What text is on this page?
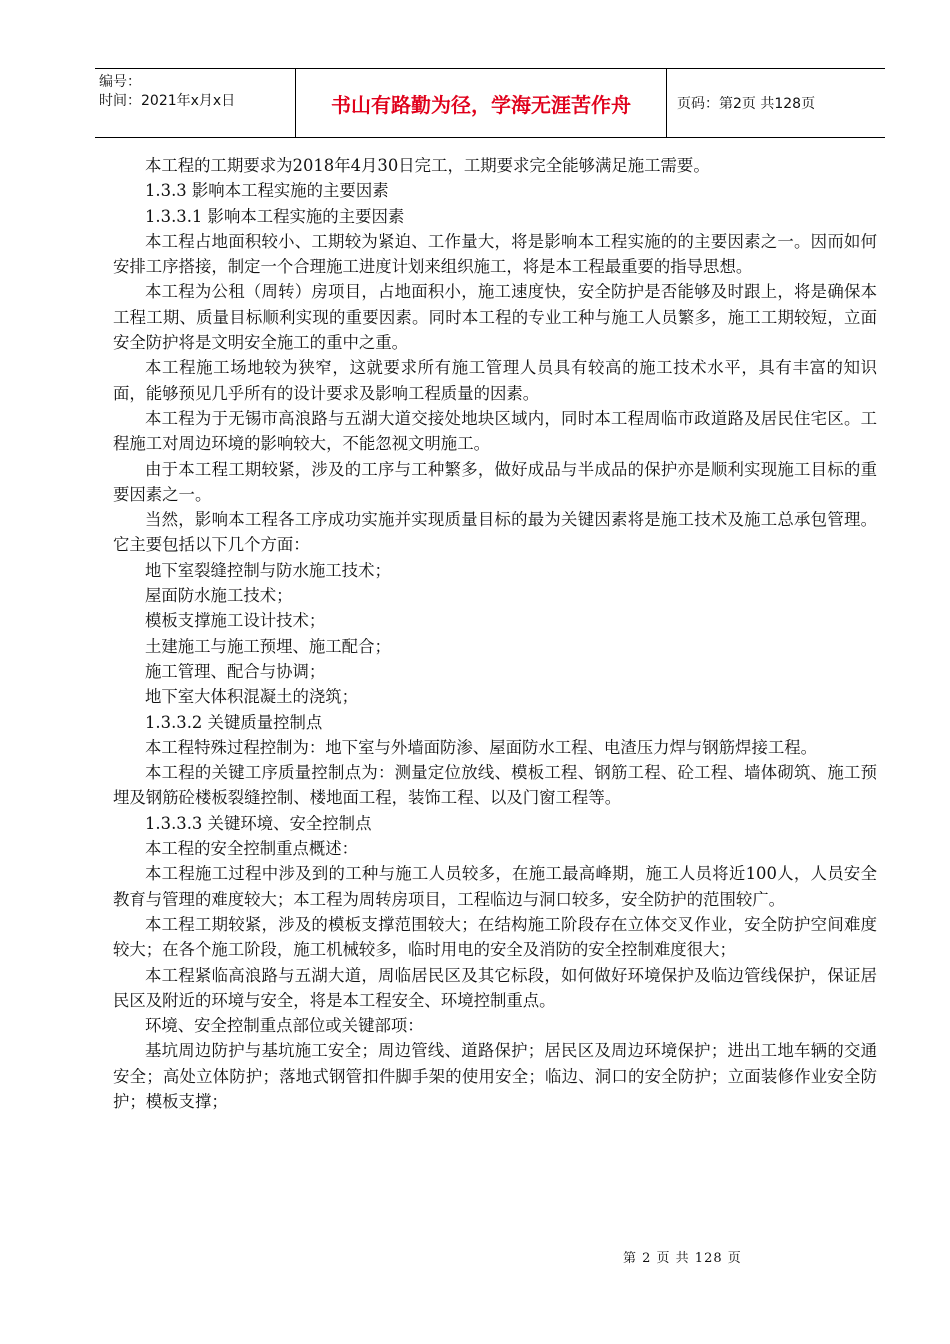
编号：
时间：2021年x月x日	书山有路勤为径，学海无涯苦作舟	页码：第2页 共128页

本工程的工期要求为2018年4月30日完工，工期要求完全能够满足施工需要。

1.3.3 影响本工程实施的主要因素

1.3.3.1 影响本工程实施的主要因素

本工程占地面积较小、工期较为紧迫、工作量大，将是影响本工程实施的的主要因素之一。因而如何安排工序搭接，制定一个合理施工进度计划来组织施工，将是本工程最重要的指导思想。

本工程为公租（周转）房项目，占地面积小，施工速度快，安全防护是否能够及时跟上，将是确保本工程工期、质量目标顺利实现的重要因素。同时本工程的专业工种与施工人员繁多，施工工期较短，立面安全防护将是文明安全施工的重中之重。

本工程施工场地较为狭窄，这就要求所有施工管理人员具有较高的施工技术水平，具有丰富的知识面，能够预见几乎所有的设计要求及影响工程质量的因素。

本工程为于无锡市高浪路与五湖大道交接处地块区域内，同时本工程周临市政道路及居民住宅区。工程施工对周边环境的影响较大，不能忽视文明施工。

由于本工程工期较紧，涉及的工序与工种繁多，做好成品与半成品的保护亦是顺利实现施工目标的重要因素之一。

当然，影响本工程各工序成功实施并实现质量目标的最为关键因素将是施工技术及施工总承包管理。它主要包括以下几个方面：

地下室裂缝控制与防水施工技术；

屋面防水施工技术；

模板支撑施工设计技术；

土建施工与施工预埋、施工配合；

施工管理、配合与协调；

地下室大体积混凝土的浇筑；

1.3.3.2 关键质量控制点

本工程特殊过程控制为：地下室与外墙面防渗、屋面防水工程、电渣压力焊与钢筋焊接工程。

本工程的关键工序质量控制点为：测量定位放线、模板工程、钢筋工程、砼工程、墙体砌筑、施工预埋及钢筋砼楼板裂缝控制、楼地面工程，装饰工程、以及门窗工程等。

1.3.3.3 关键环境、安全控制点

本工程的安全控制重点概述：

本工程施工过程中涉及到的工种与施工人员较多，在施工最高峰期，施工人员将近100人，人员安全教育与管理的难度较大；本工程为周转房项目，工程临边与洞口较多，安全防护的范围较广。

本工程工期较紧，涉及的模板支撑范围较大；在结构施工阶段存在立体交叉作业，安全防护空间难度较大；在各个施工阶段，施工机械较多，临时用电的安全及消防的安全控制难度很大；

本工程紧临高浪路与五湖大道，周临居民区及其它标段，如何做好环境保护及临边管线保护，保证居民区及附近的环境与安全，将是本工程安全、环境控制重点。

环境、安全控制重点部位或关键部项：

基坑周边防护与基坑施工安全；周边管线、道路保护；居民区及周边环境保护；进出工地车辆的交通安全；高处立体防护；落地式钢管扣件脚手架的使用安全；临边、洞口的安全防护；立面装修作业安全防护；模板支撑；

第 2 页 共 128 页
